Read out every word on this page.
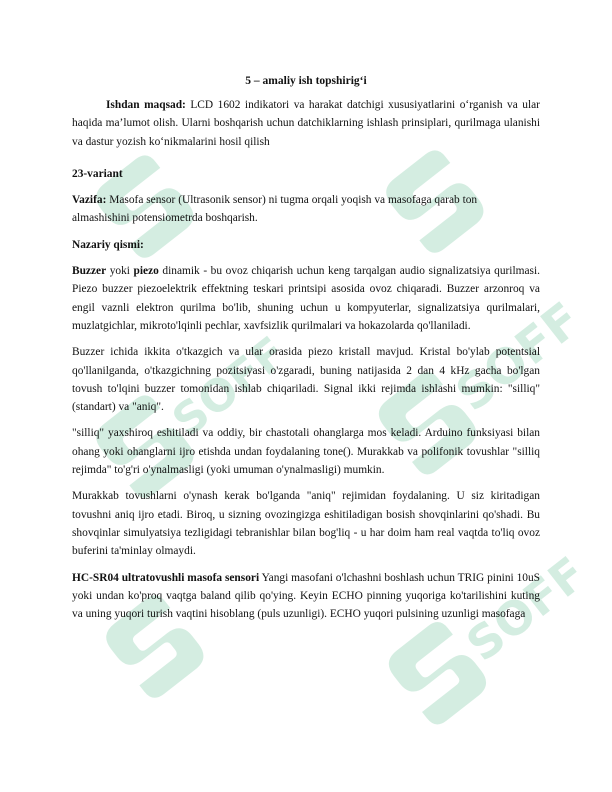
SOFF	SOFF
SOFF

5 – amaliy ish topshirig‘i

Ishdan maqsad: LCD 1602 indikatori va harakat datchigi xususiyatlarini o‘rganish va ular haqida ma’lumot olish. Ularni boshqarish uchun datchiklarning ishlash prinsiplari, qurilmaga ulanishi va dastur yozish ko‘nikmalarini hosil qilish

23-variant

Vazifa: Masofa sensor (Ultrasonik sensor) ni tugma orqali yoqish va masofaga qarab ton almashishini potensiometrda boshqarish.

Nazariy qismi:

Buzzer yoki piezo dinamik - bu ovoz chiqarish uchun keng tarqalgan audio signalizatsiya qurilmasi. Piezo buzzer piezoelektrik effektning teskari printsipi asosida ovoz chiqaradi. Buzzer arzonroq va engil vaznli elektron qurilma bo'lib, shuning uchun u kompyuterlar, signalizatsiya qurilmalari, muzlatgichlar, mikroto'lqinli pechlar, xavfsizlik qurilmalari va hokazolarda qo'llaniladi.

Buzzer ichida ikkita o'tkazgich va ular orasida piezo kristall mavjud. Kristal bo'ylab potentsial qo'llanilganda, o'tkazgichning pozitsiyasi o'zgaradi, buning natijasida 2 dan 4 kHz gacha bo'lgan tovush to'lqini buzzer tomonidan ishlab chiqariladi. Signal ikki rejimda ishlashi mumkin: "silliq" (standart) va "aniq".

"silliq" yaxshiroq eshitiladi va oddiy, bir chastotali ohanglarga mos keladi. Arduino funksiyasi bilan ohang yoki ohanglarni ijro etishda undan foydalaning tone(). Murakkab va polifonik tovushlar "silliq rejimda" to'g'ri o'ynalmasligi (yoki umuman o'ynalmasligi) mumkin.

Murakkab tovushlarni o'ynash kerak bo'lganda "aniq" rejimidan foydalaning. U siz kiritadigan tovushni aniq ijro etadi. Biroq, u sizning ovozingizga eshitiladigan bosish shovqinlarini qo'shadi. Bu shovqinlar simulyatsiya tezligidagi tebranishlar bilan bog'liq - u har doim ham real vaqtda to'liq ovoz buferini ta'minlay olmaydi.

HC-SR04 ultratovushli masofa sensori Yangi masofani o'lchashni boshlash uchun TRIG pinini 10uS yoki undan ko'proq vaqtga baland qilib qo'ying. Keyin ECHO pinning yuqoriga ko'tarilishini kuting va uning yuqori turish vaqtini hisoblang (puls uzunligi). ECHO yuqori pulsining uzunligi masofaga
